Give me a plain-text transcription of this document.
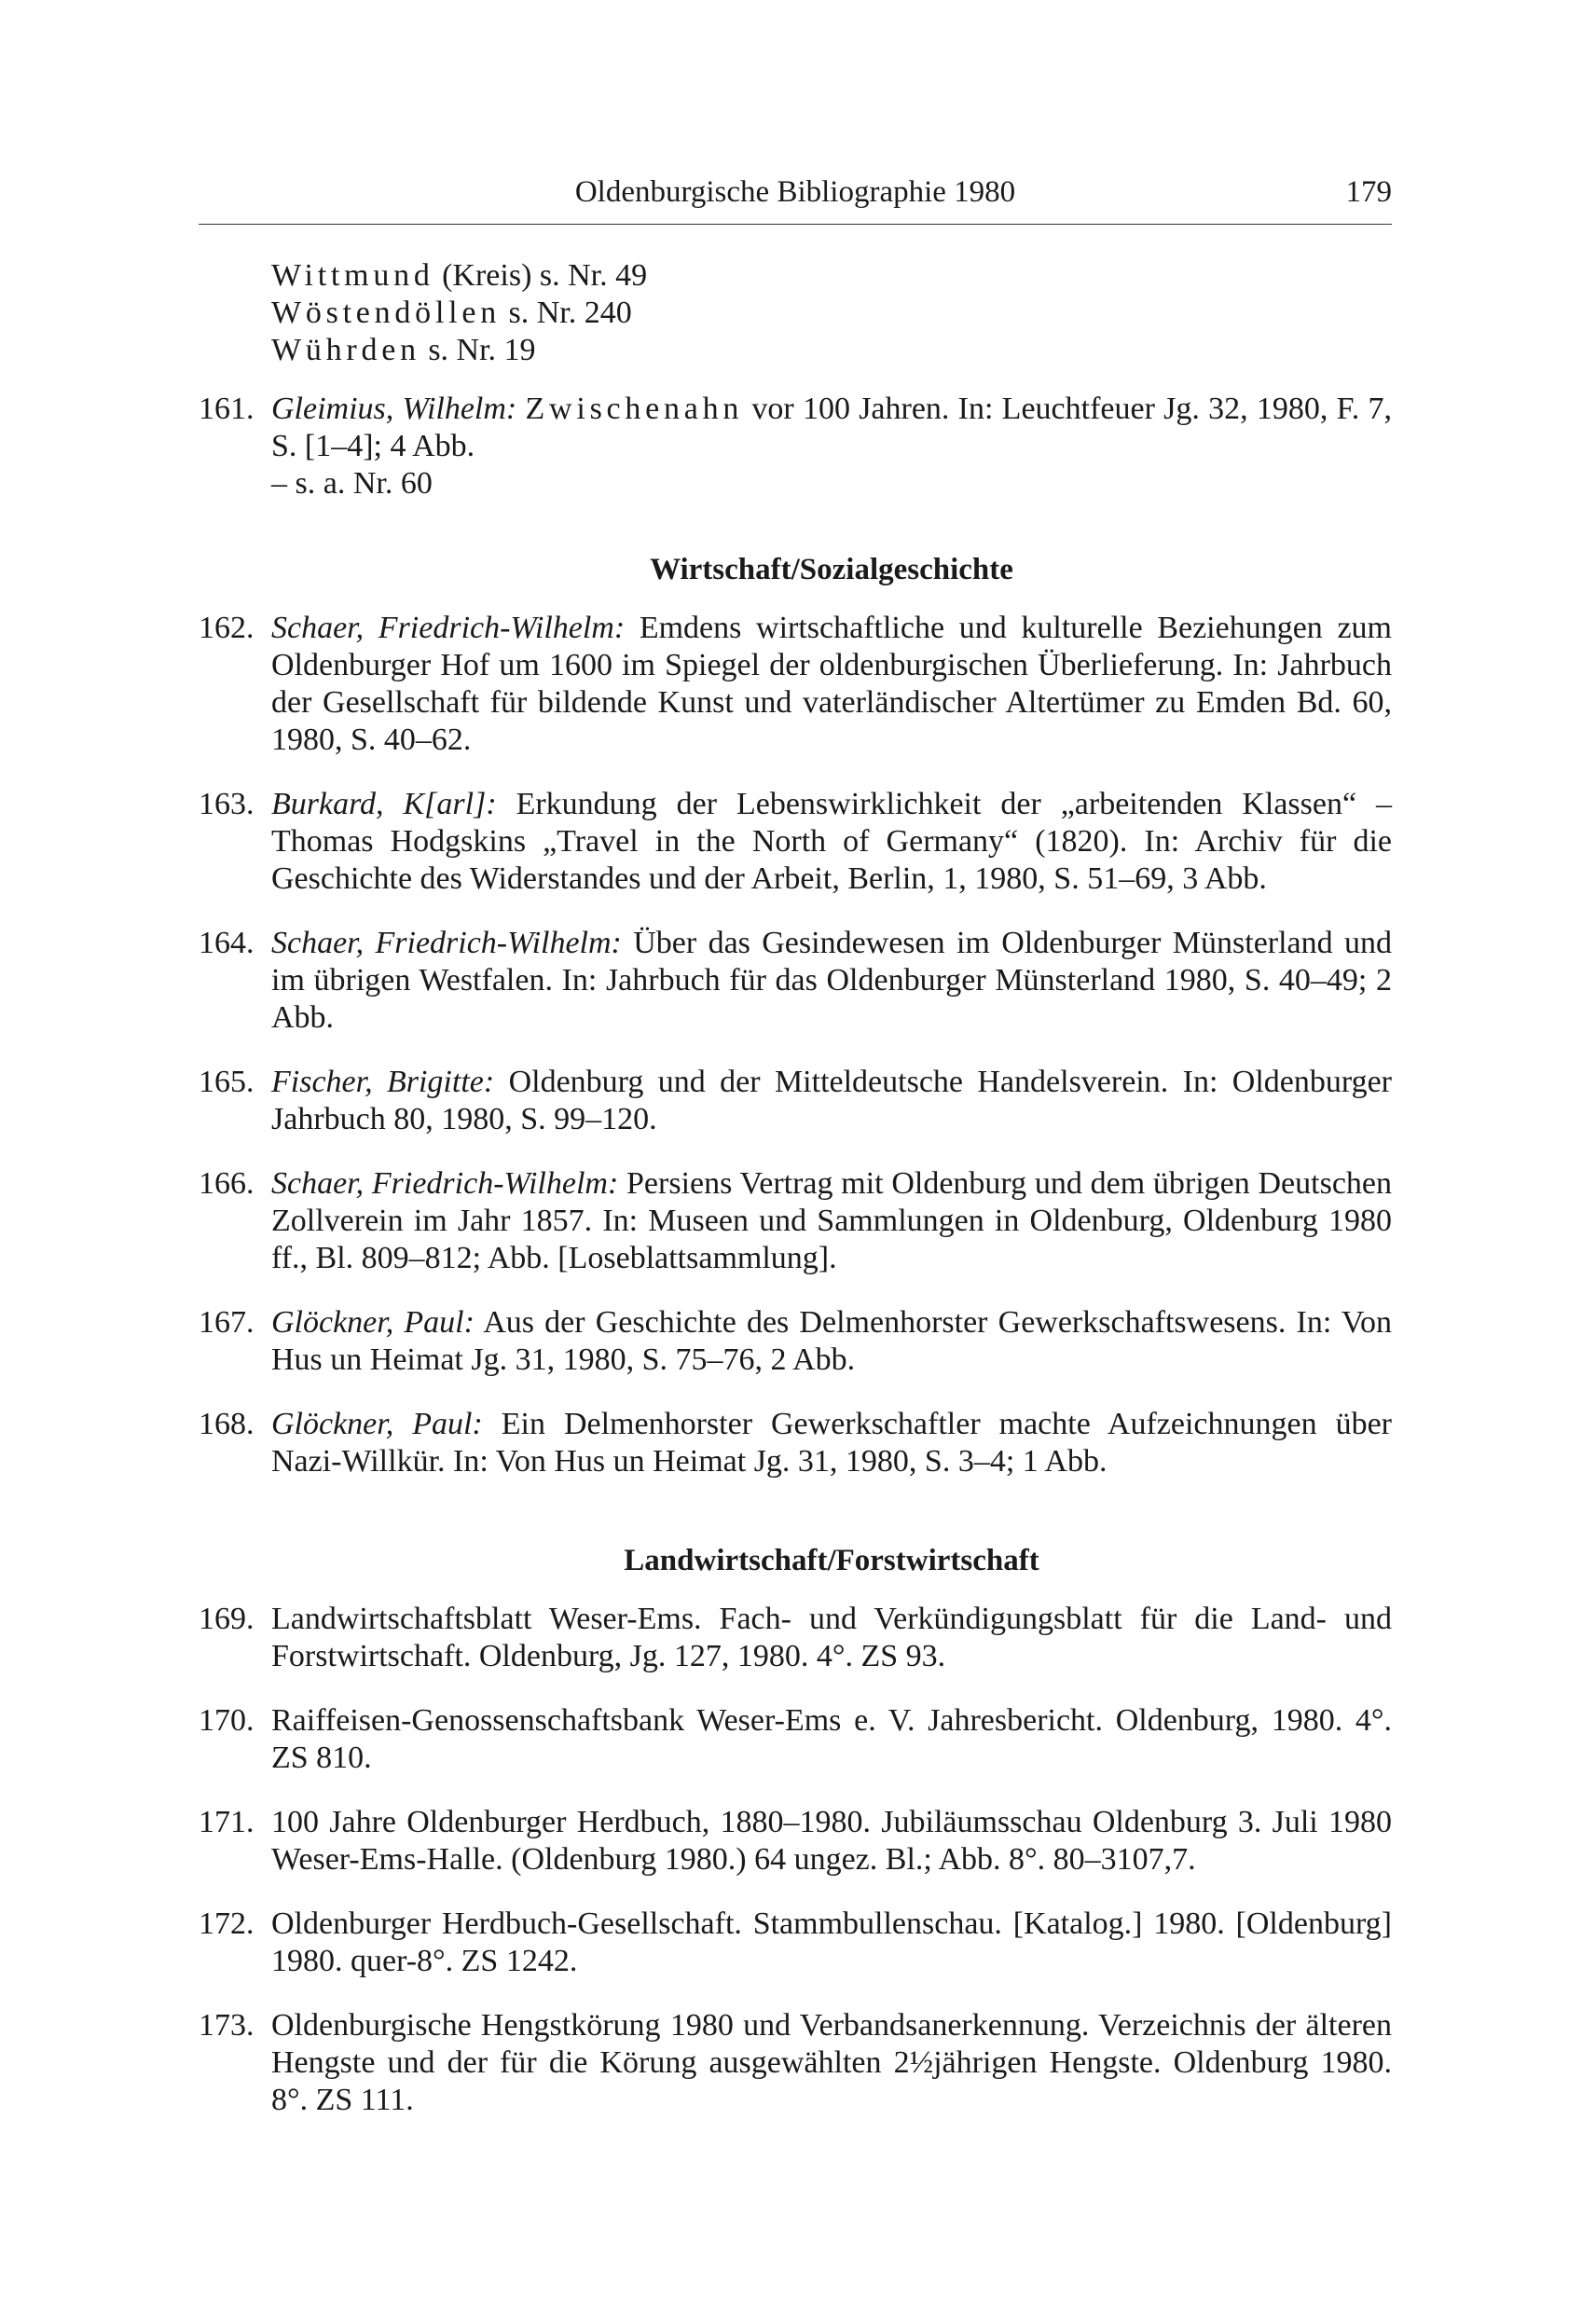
Oldenburgische Bibliographie 1980	179
Wittmund (Kreis) s. Nr. 49
Wöstendöllen s. Nr. 240
Wührden s. Nr. 19
161. Gleimius, Wilhelm: Zwischenahn vor 100 Jahren. In: Leuchtfeuer Jg. 32, 1980, F. 7, S. [1–4]; 4 Abb.
– s. a. Nr. 60
Wirtschaft/Sozialgeschichte
162. Schaer, Friedrich-Wilhelm: Emdens wirtschaftliche und kulturelle Beziehungen zum Oldenburger Hof um 1600 im Spiegel der oldenburgischen Überlieferung. In: Jahrbuch der Gesellschaft für bildende Kunst und vaterländischer Altertümer zu Emden Bd. 60, 1980, S. 40–62.
163. Burkard, K[arl]: Erkundung der Lebenswirklichkeit der „arbeitenden Klassen“ – Thomas Hodgskins „Travel in the North of Germany“ (1820). In: Archiv für die Geschichte des Widerstandes und der Arbeit, Berlin, 1, 1980, S. 51–69, 3 Abb.
164. Schaer, Friedrich-Wilhelm: Über das Gesindewesen im Oldenburger Münsterland und im übrigen Westfalen. In: Jahrbuch für das Oldenburger Münsterland 1980, S. 40–49; 2 Abb.
165. Fischer, Brigitte: Oldenburg und der Mitteldeutsche Handelsverein. In: Oldenburger Jahrbuch 80, 1980, S. 99–120.
166. Schaer, Friedrich-Wilhelm: Persiens Vertrag mit Oldenburg und dem übrigen Deutschen Zollverein im Jahr 1857. In: Museen und Sammlungen in Oldenburg, Oldenburg 1980 ff., Bl. 809–812; Abb. [Loseblattsammlung].
167. Glöckner, Paul: Aus der Geschichte des Delmenhorster Gewerkschaftswesens. In: Von Hus un Heimat Jg. 31, 1980, S. 75–76, 2 Abb.
168. Glöckner, Paul: Ein Delmenhorster Gewerkschaftler machte Aufzeichnungen über Nazi-Willkür. In: Von Hus un Heimat Jg. 31, 1980, S. 3–4; 1 Abb.
Landwirtschaft/Forstwirtschaft
169. Landwirtschaftsblatt Weser-Ems. Fach- und Verkündigungsblatt für die Land- und Forstwirtschaft. Oldenburg, Jg. 127, 1980. 4°. ZS 93.
170. Raiffeisen-Genossenschaftsbank Weser-Ems e. V. Jahresbericht. Oldenburg, 1980. 4°. ZS 810.
171. 100 Jahre Oldenburger Herdbuch, 1880–1980. Jubiläumsschau Oldenburg 3. Juli 1980 Weser-Ems-Halle. (Oldenburg 1980.) 64 ungez. Bl.; Abb. 8°. 80–3107,7.
172. Oldenburger Herdbuch-Gesellschaft. Stammbullenschau. [Katalog.] 1980. [Oldenburg] 1980. quer-8°. ZS 1242.
173. Oldenburgische Hengstkörung 1980 und Verbandsanerkennung. Verzeichnis der älteren Hengste und der für die Körung ausgewählten 2½jährigen Hengste. Oldenburg 1980. 8°. ZS 111.
